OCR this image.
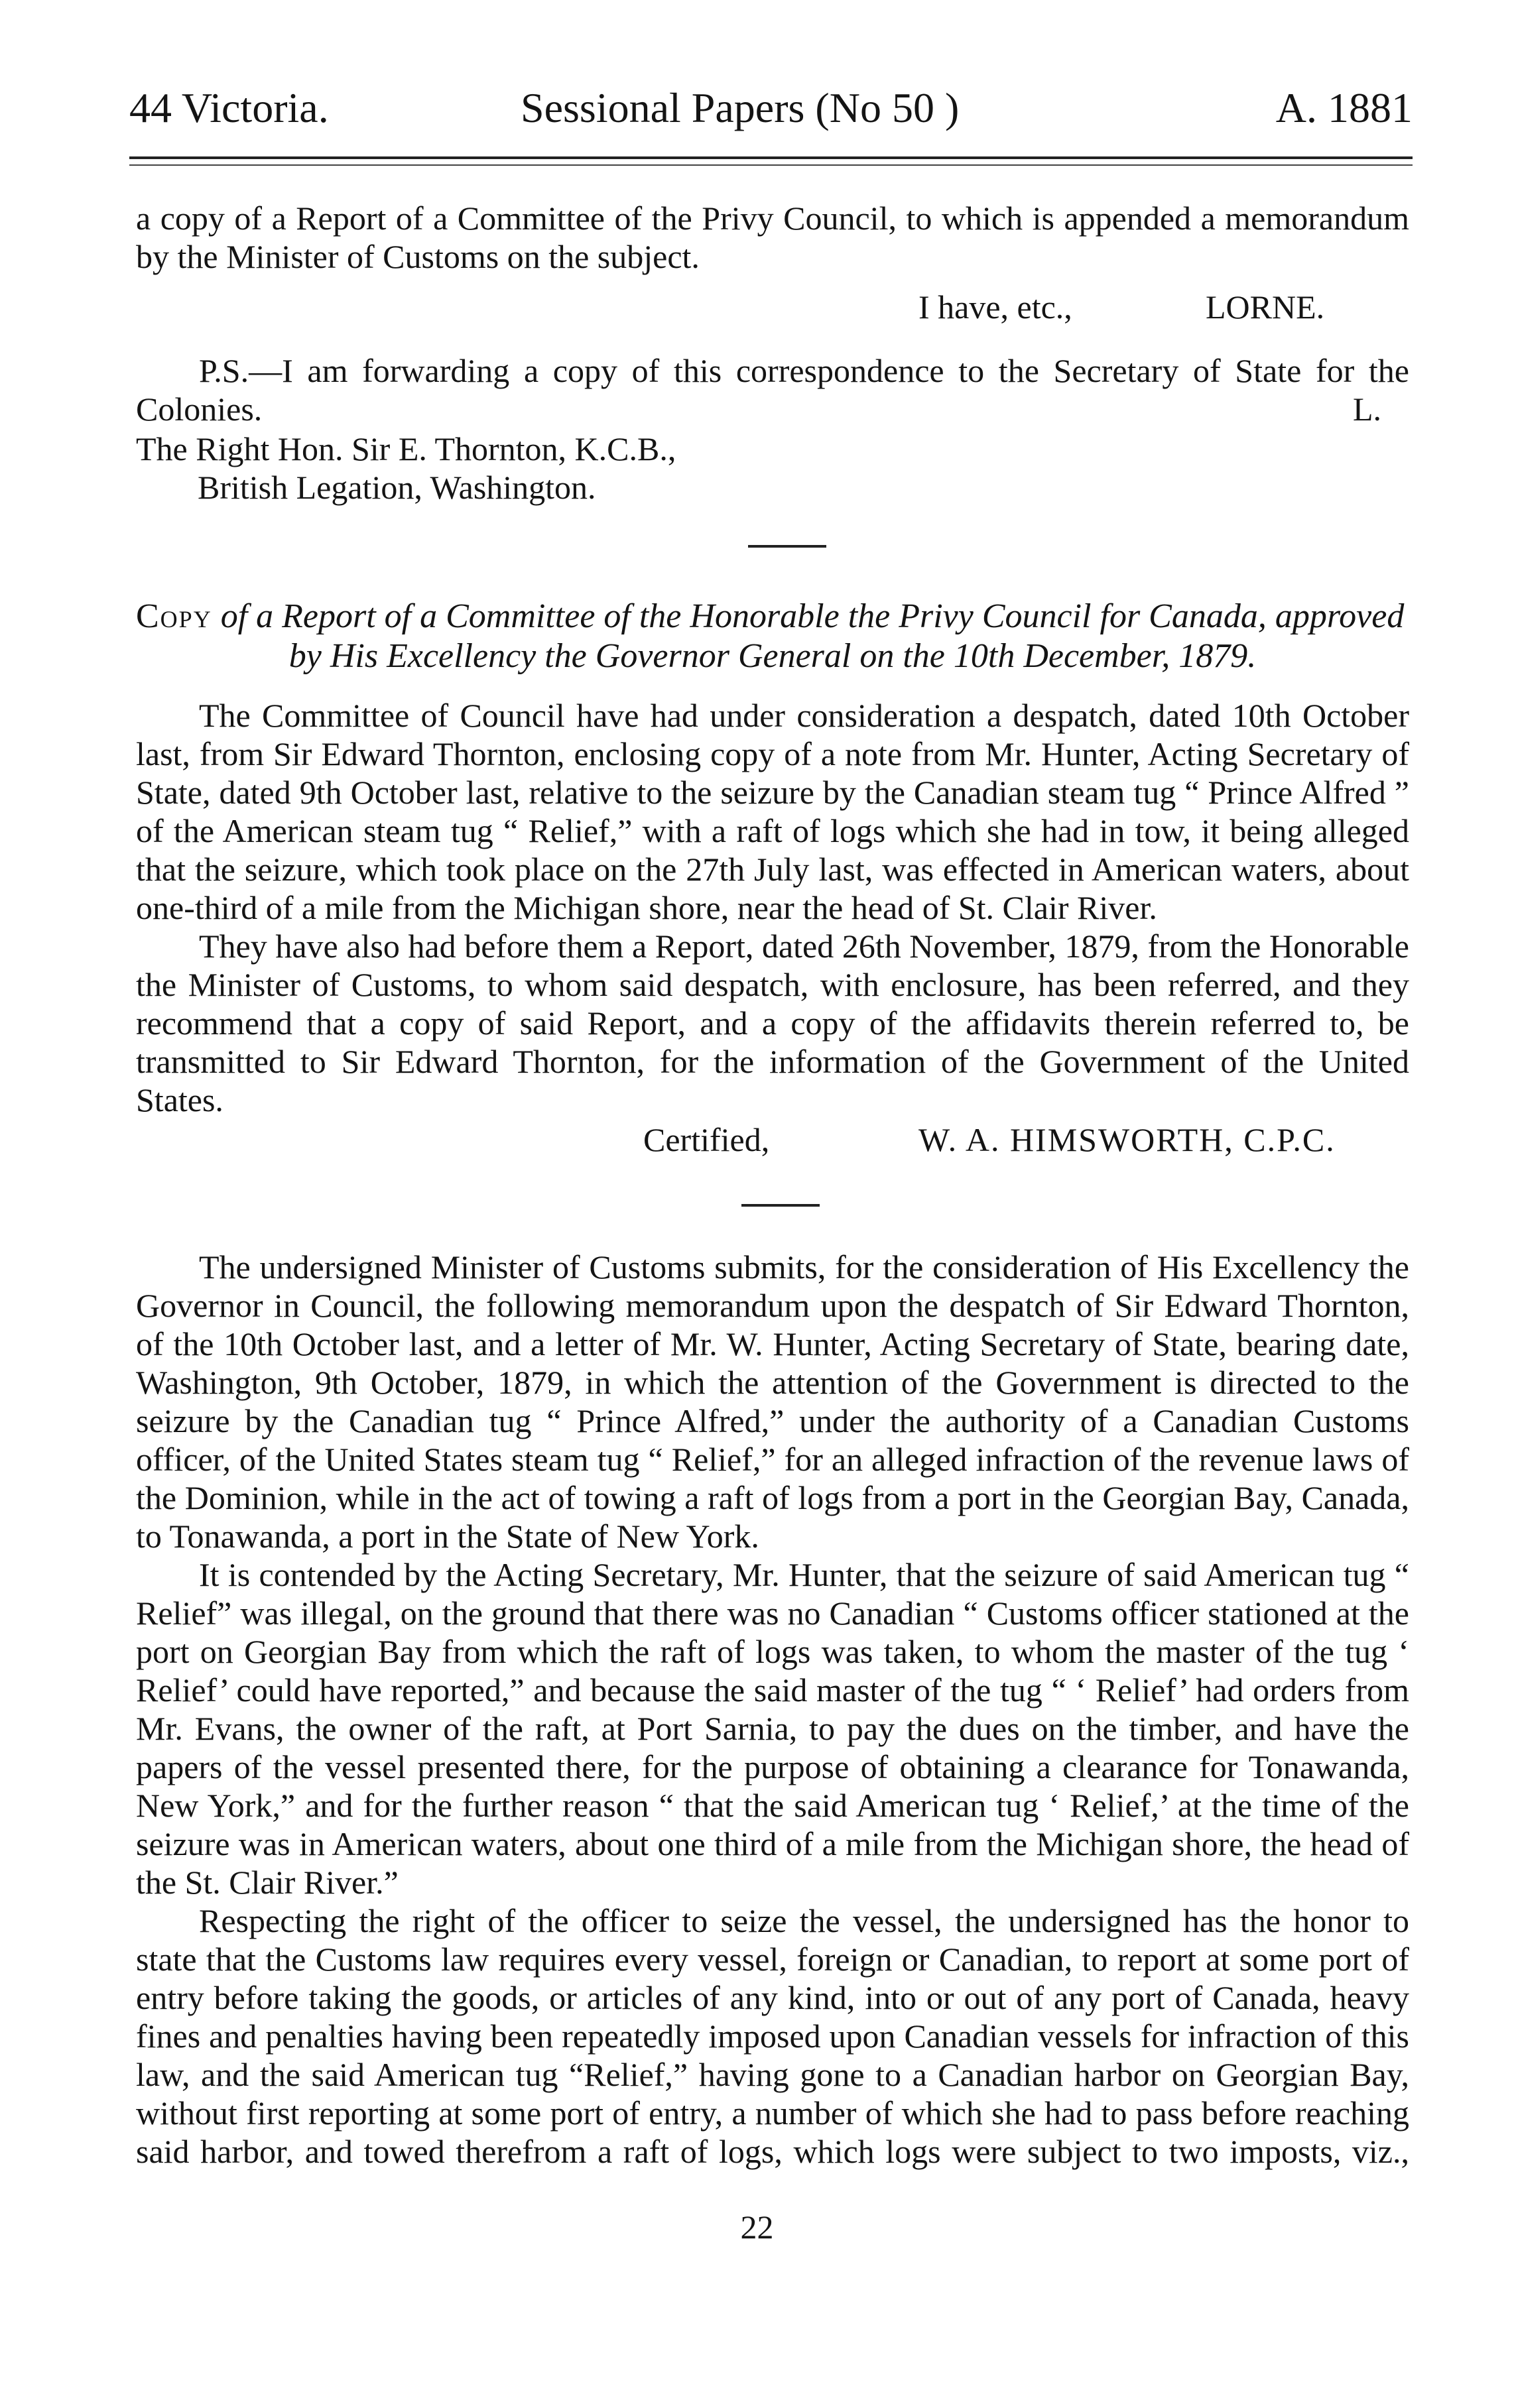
44 Victoria.	Sessional Papers (No 50 )	A. 1881

a copy of a Report of a Committee of the Privy Council, to which is appended a memorandum by the Minister of Customs on the subject.

I have, etc.,	LORNE.

P.S.—I am forwarding a copy of this correspondence to the Secretary of State for the Colonies.	L.
The Right Hon. Sir E. Thornton, K.C.B.,
British Legation, Washington.
Copy of a Report of a Committee of the Honorable the Privy Council for Canada, approved
by His Excellency the Governor General on the 10th December, 1879.

The Committee of Council have had under consideration a despatch, dated 10th October last, from Sir Edward Thornton, enclosing copy of a note from Mr. Hunter, Acting Secretary of State, dated 9th October last, relative to the seizure by the Canadian steam tug “ Prince Alfred ” of the American steam tug “ Relief,” with a raft of logs which she had in tow, it being alleged that the seizure, which took place on the 27th July last, was effected in American waters, about one-third of a mile from the Michigan shore, near the head of St. Clair River.

They have also had before them a Report, dated 26th November, 1879, from the Honorable the Minister of Customs, to whom said despatch, with enclosure, has been referred, and they recommend that a copy of said Report, and a copy of the affidavits therein referred to, be transmitted to Sir Edward Thornton, for the information of the Government of the United States.

Certified,	W. A. HIMSWORTH, C.P.C.

The undersigned Minister of Customs submits, for the consideration of His Excellency the Governor in Council, the following memorandum upon the despatch of Sir Edward Thornton, of the 10th October last, and a letter of Mr. W. Hunter, Acting Secretary of State, bearing date, Washington, 9th October, 1879, in which the attention of the Government is directed to the seizure by the Canadian tug “ Prince Alfred,” under the authority of a Canadian Customs officer, of the United States steam tug “ Relief,” for an alleged infraction of the revenue laws of the Dominion, while in the act of towing a raft of logs from a port in the Georgian Bay, Canada, to Tonawanda, a port in the State of New York.

It is contended by the Acting Secretary, Mr. Hunter, that the seizure of said American tug “ Relief” was illegal, on the ground that there was no Canadian “ Customs officer stationed at the port on Georgian Bay from which the raft of logs was taken, to whom the master of the tug ‘ Relief’ could have reported,” and because the said master of the tug “ ‘ Relief’ had orders from Mr. Evans, the owner of the raft, at Port Sarnia, to pay the dues on the timber, and have the papers of the vessel presented there, for the purpose of obtaining a clearance for Tonawanda, New York,” and for the further reason “ that the said American tug ‘ Relief,’ at the time of the seizure was in American waters, about one third of a mile from the Michigan shore, the head of the St. Clair River.”

Respecting the right of the officer to seize the vessel, the undersigned has the honor to state that the Customs law requires every vessel, foreign or Canadian, to report at some port of entry before taking the goods, or articles of any kind, into or out of any port of Canada, heavy fines and penalties having been repeatedly imposed upon Canadian vessels for infraction of this law, and the said American tug “Relief,” having gone to a Canadian harbor on Georgian Bay, without first reporting at some port of entry, a number of which she had to pass before reaching said harbor, and towed therefrom a raft of logs, which logs were subject to two imposts, viz.,

22
